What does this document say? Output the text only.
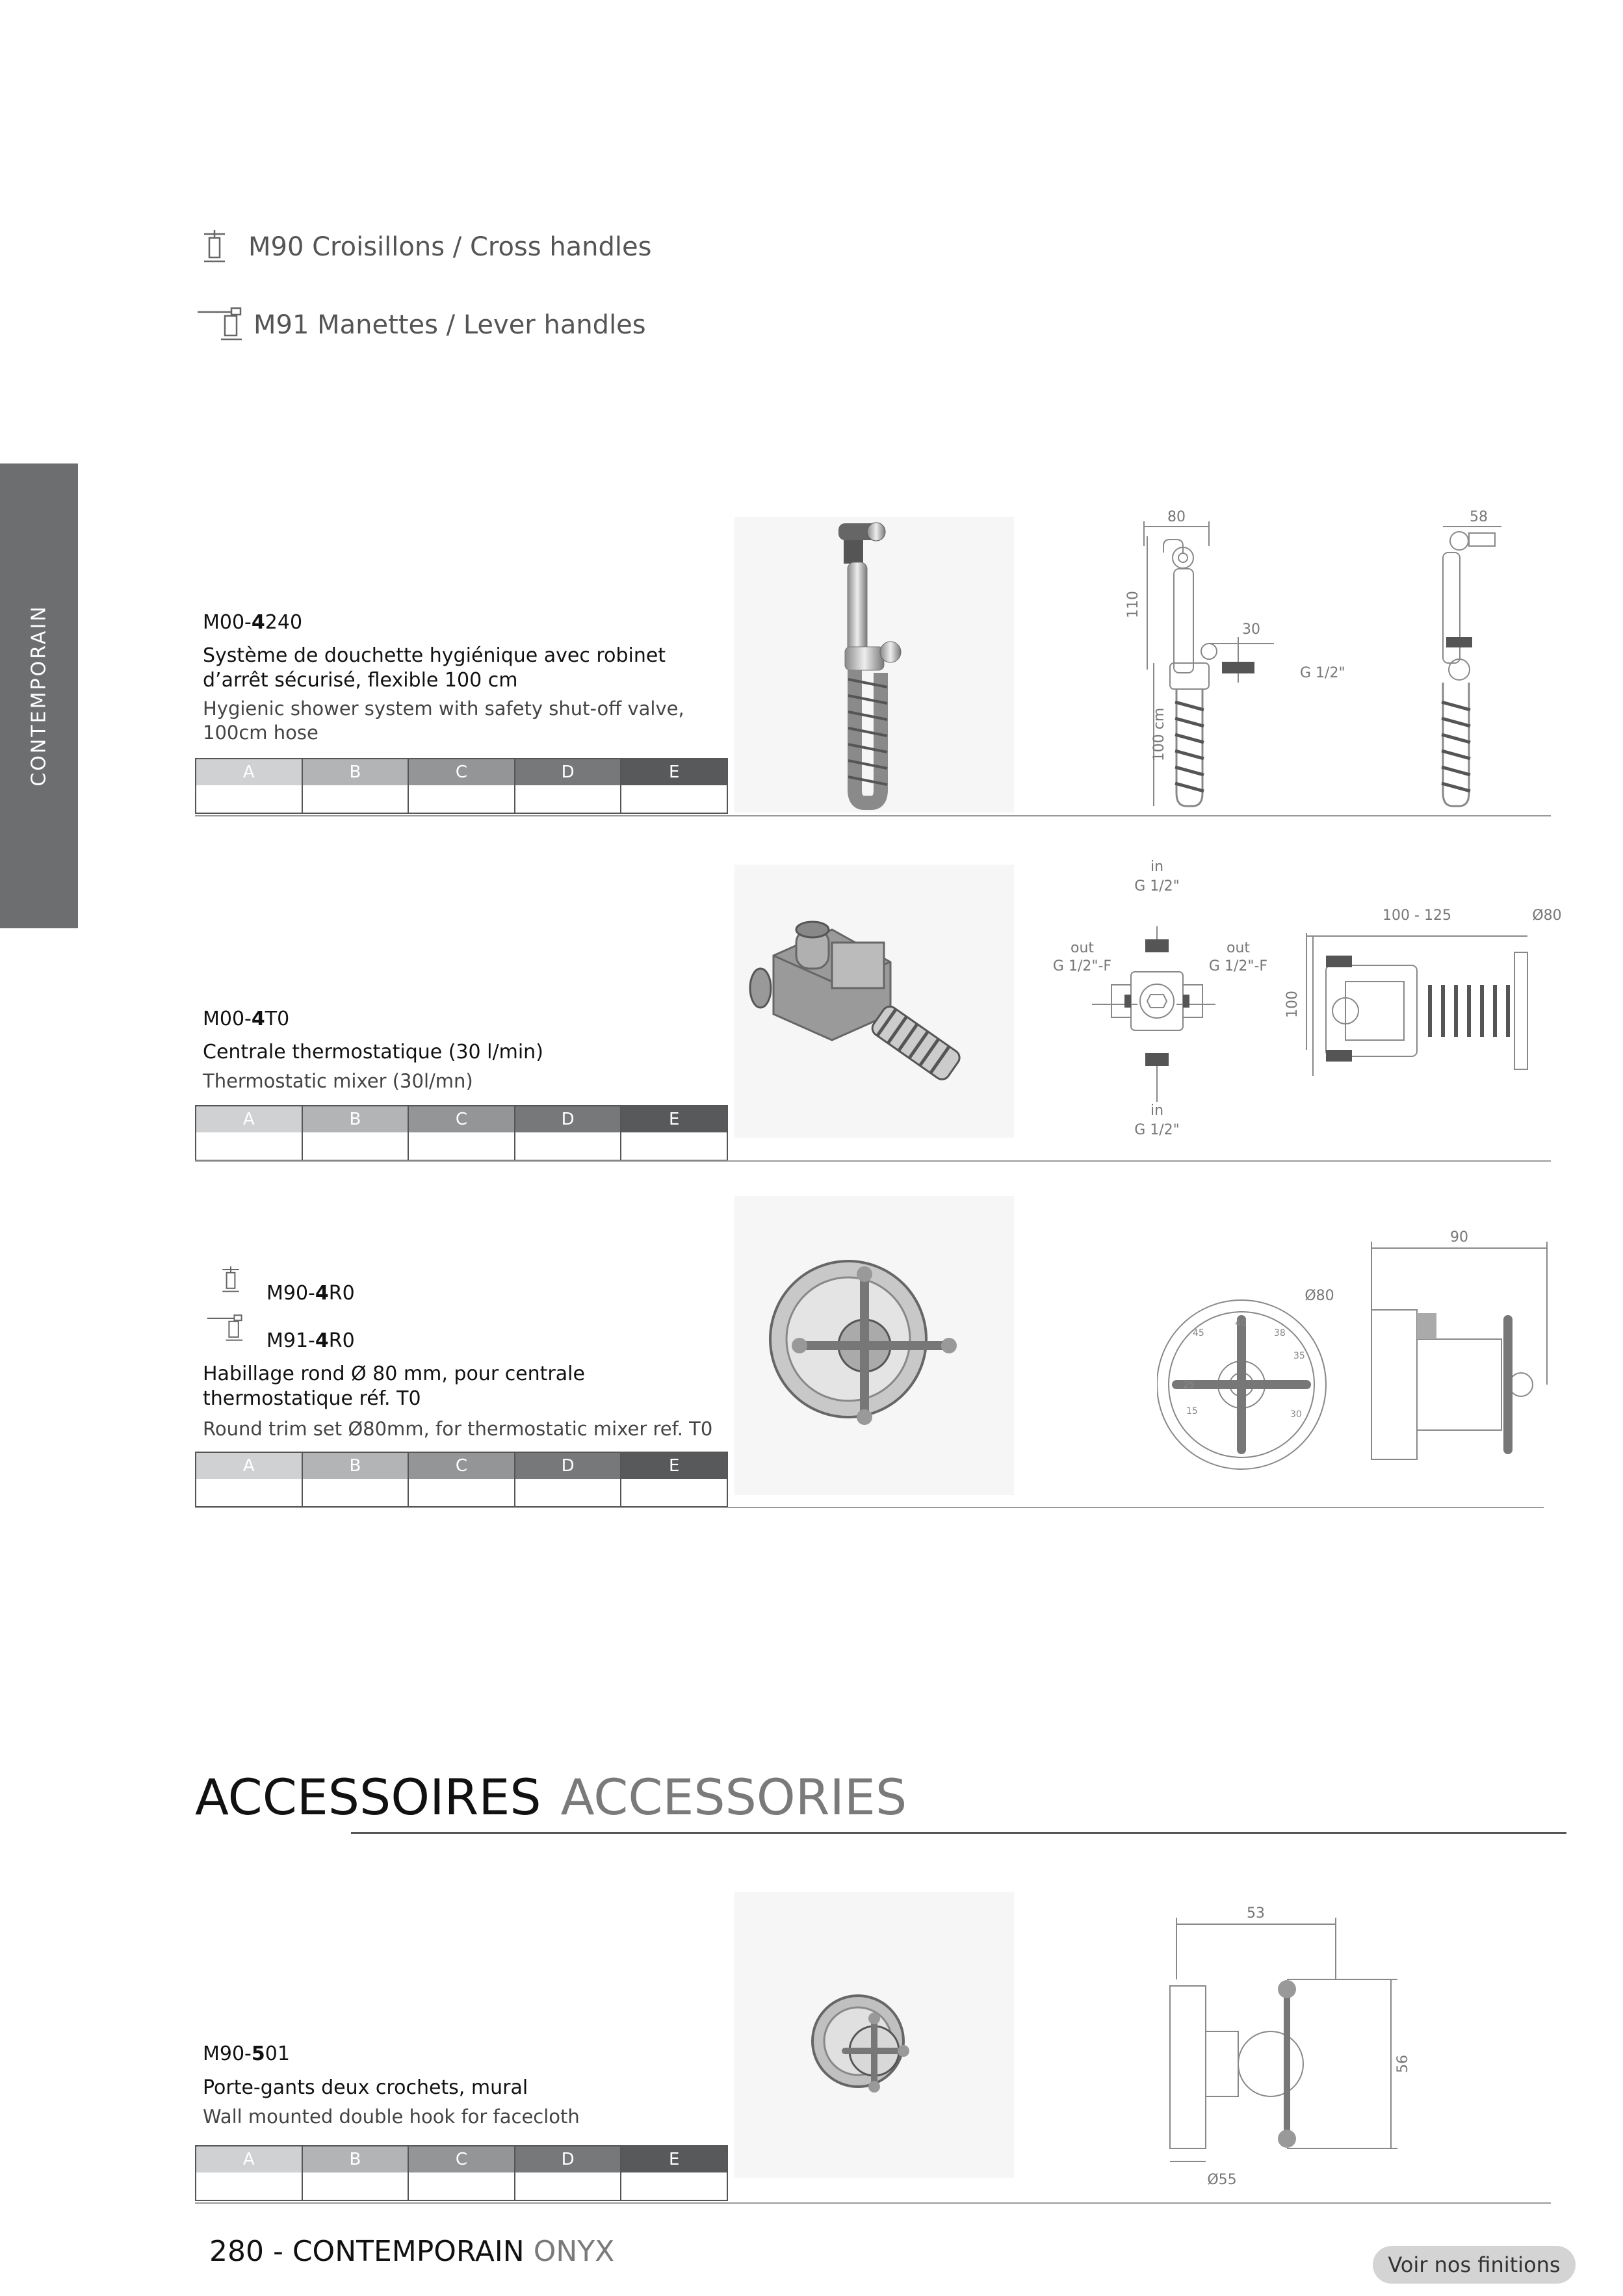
M90 Croisillons / Cross handles
M91 Manettes / Lever handles
CONTEMPORAIN	M00-4240
Système de douchette hygiénique avec robinet d’arrêt sécurisé, flexible 100 cm
Hygienic shower system with safety shut-off valve, 100cm hose
A	B	C	D	E
80	58
110
30
G 1/2"
100 cm
M00-4T0
Centrale thermostatique (30 l/min)
Thermostatic mixer (30l/mn)
A	B	C	D	E
in
G 1/2"
out
G 1/2"-F
out
G 1/2"-F
in
G 1/2"
100 - 125	Ø80
100
M90-4R0
M91-4R0
Habillage rond Ø 80 mm, pour centrale thermostatique réf. T0
Round trim set Ø80mm, for thermostatic mixer ref. T0
A	B	C	D	E
90
Ø80
45
40
38
35
30
25
15
ACCESSOIRES ACCESSORIES
M90-501
Porte-gants deux crochets, mural
Wall mounted double hook for facecloth
A	B	C	D	E
53
56
Ø55
280 - CONTEMPORAIN ONYX	Voir nos finitions
